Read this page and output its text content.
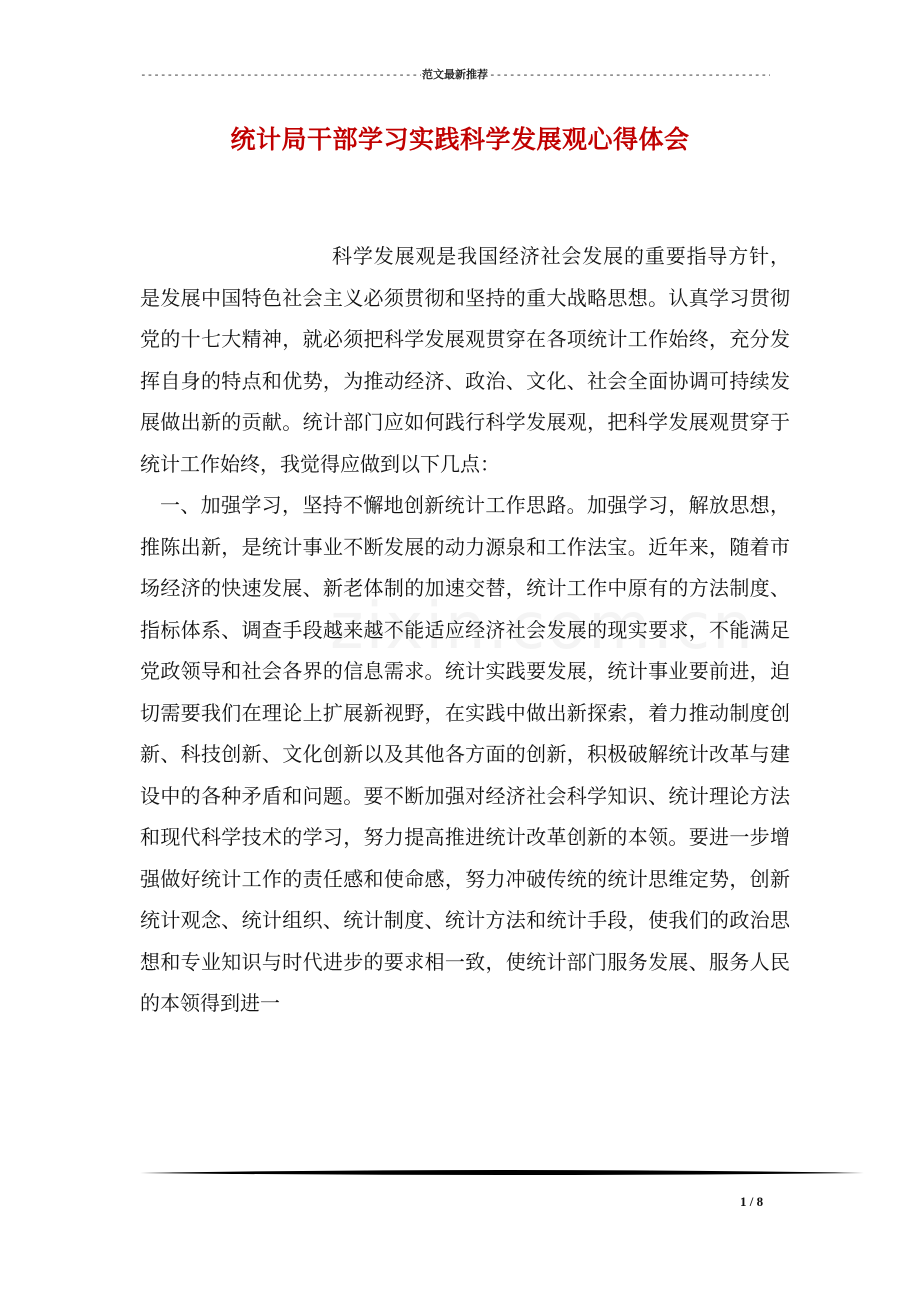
-----
范文最新推荐
-----
统计局干部学习实践科学发展观心得体会

科学发展观是我国经济社会发展的重要指导方针，是发展中国特色社会主义必须贯彻和坚持的重大战略思想。认真学习贯彻党的十七大精神，就必须把科学发展观贯穿在各项统计工作始终，充分发挥自身的特点和优势，为推动经济、政治、文化、社会全面协调可持续发展做出新的贡献。统计部门应如何践行科学发展观，把科学发展观贯穿于统计工作始终，我觉得应做到以下几点：

一、加强学习，坚持不懈地创新统计工作思路。加强学习，解放思想，推陈出新，是统计事业不断发展的动力源泉和工作法宝。近年来，随着市场经济的快速发展、新老体制的加速交替，统计工作中原有的方法制度、指标体系、调查手段越来越不能适应经济社会发展的现实要求，不能满足党政领导和社会各界的信息需求。统计实践要发展，统计事业要前进，迫切需要我们在理论上扩展新视野，在实践中做出新探索，着力推动制度创新、科技创新、文化创新以及其他各方面的创新，积极破解统计改革与建设中的各种矛盾和问题。要不断加强对经济社会科学知识、统计理论方法和现代科学技术的学习，努力提高推进统计改革创新的本领。要进一步增强做好统计工作的责任感和使命感，努力冲破传统的统计思维定势，创新统计观念、统计组织、统计制度、统计方法和统计手段，使我们的政治思想和专业知识与时代进步的要求相一致，使统计部门服务发展、服务人民的本领得到进一

1 / 8
